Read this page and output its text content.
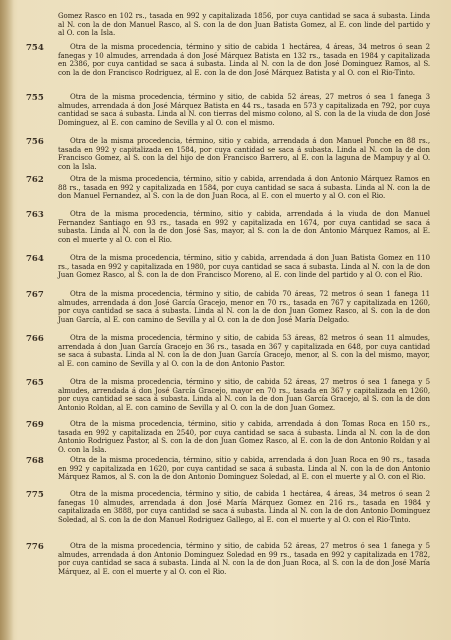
Gomez Rasco en 102 rs., tasada en 992 y capitalizada 1856, por cuya cantidad se saca á subasta. Linda al N. con la de don Manuel Rasco, al S. con la de don Juan Batista Gomez, al E. con linde del partido y al O. con la Isla.

754	Otra de la misma procedencia, término y sitio de cabida 1 hectárea, 4 áreas, 34 metros ó sean 2 fanegas y 10 almudes, arrendada á don José Márquez Batista en 132 rs., tasada en 1984 y capitalizada en 2386, por cuya cantidad se saca á subasta. Linda al N. con la de don José Dominguez Ramos, al S. con la de don Francisco Rodriguez, al E. con la de don José Márquez Batista y al O. con el Rio-Tinto.

755	Otra de la misma procedencia, término y sitio, de cabida 52 áreas, 27 metros ó sea 1 fanega 3 almudes, arrendada á don José Márquez Batista en 44 rs., tasada en 573 y capitalizada en 792, por cuya cantidad se saca á subasta. Linda al N. con tierras del mismo colono, al S. con la de la viuda de don José Dominguez, al E. con camino de Sevilla y al O. con el mismo.

756	Otra de la misma procedencia, término, sitio y cabida, arrendada á don Manuel Ponche en 88 rs., tasada en 992 y capitalizada en 1584, por cuya cantidad se saca á subasta. Linda al N. con la de don Francisco Gomez, al S. con la del hijo de don Francisco Barrero, al E. con la laguna de Mampuy y al O. con la Isla.

762	Otra de la misma procedencia, término, sitio y cabida, arrendada á don Antonio Márquez Ramos en 88 rs., tasada en 992 y capitalizada en 1584, por cuya cantidad se saca á subasta. Linda al N. con la de don Manuel Fernandez, al S. con la de don Juan Roca, al E. con el muerto y al O. con el Rio.

763	Otra de la misma procedencia, término, sitio y cabida, arrendada á la viuda de don Manuel Fernandez Santiago en 93 rs., tasada en 992 y capitalizada en 1674, por cuya cantidad se saca á subasta. Linda al N. con la de don José Sas, mayor, al S. con la de don Antonio Márquez Ramos, al E. con el muerte y al O. con el Rio.

764	Otra de la misma procedencia, término, sitio y cabida, arrendada á don Juan Batista Gomez en 110 rs., tasada en 992 y capitalizada en 1980, por cuya cantidad se saca á subasta. Linda al N. con la de don Juan Gomez Rasco, al S. con la de don Francisco Moreno, al E. con linde del partido y al O. con el Rio.

767	Otra de la misma procedencia, término y sitio, de cabida 70 áreas, 72 metros ó sean 1 fanega 11 almudes, arrendada á don José García Gracejo, menor en 70 rs., tasada en 767 y capitalizada en 1260, por cuya cantidad se saca á subasta. Linda al N. con la de don Juan Gomez Rasco, al S. con la de don Juan García, al E. con camino de Sevilla y al O. con la de don José María Delgado.

766	Otra de la misma procedencia, término y sitio, de cabida 53 áreas, 82 metros ó sean 11 almudes, arrendada á don Juan García Gracejo en 36 rs., tasada en 367 y capitalizada en 648, por cuya cantidad se saca á subasta. Linda al N. con la de don Juan García Gracejo, menor, al S. con la del mismo, mayor, al E. con camino de Sevilla y al O. con la de don Antonio Pastor.

765	Otra de la misma procedencia, término y sitio, de cabida 52 áreas, 27 metros ó sea 1 fanega y 5 almudes, arrendada á don José García Gracejo, mayor en 70 rs., tasada en 367 y capitalizada en 1260, por cuya cantidad se saca á subasta. Linda al N. con la de don Juan García Gracejo, al S. con la de don Antonio Roldan, al E. con camino de Sevilla y al O. con la de don Juan Gomez.

769	Otra de la misma procedencia, término, sitio y cabida, arrendada á don Tomas Roca en 150 rs., tasada en 992 y capitalizada en 2540, por cuya cantidad se saca á subasta. Linda al N. con la de don Antonio Rodriguez Pastor, al S. con la de don Juan Gomez Rasco, al E. con la de don Antonio Roldan y al O. con la Isla.

768	Otra de la misma procedencia, término, sitio y cabida, arrendada á don Juan Roca en 90 rs., tasada en 992 y capitalizada en 1620, por cuya cantidad se saca á subasta. Linda al N. con la de don Antonio Márquez Ramos, al S. con la de don Antonio Dominguez Soledad, al E. con el muerte y al O. con el Rio.

775	Otra de la misma procedencia, término y sitio, de cabida 1 hectárea, 4 áreas, 34 metros ó sean 2 fanegas 10 almudes, arrendada á don José María Márquez Gomez en 216 rs., tasada en 1984 y capitalizada en 3888, por cuya cantidad se saca á subasta. Linda al N. con la de don Antonio Dominguez Soledad, al S. con la de don Manuel Rodriguez Gallego, al E. con el muerte y al O. con el Rio-Tinto.

776	Otra de la misma procedencia, término y sitio, de cabida 52 áreas, 27 metros ó sea 1 fanega y 5 almudes, arrendada á don Antonio Dominguez Soledad en 99 rs., tasada en 992 y capitalizada en 1782, por cuya cantidad se saca á subasta. Linda al N. con la de don Juan Roca, al S. con la de don José María Márquez, al E. con el muerte y al O. con el Rio.
